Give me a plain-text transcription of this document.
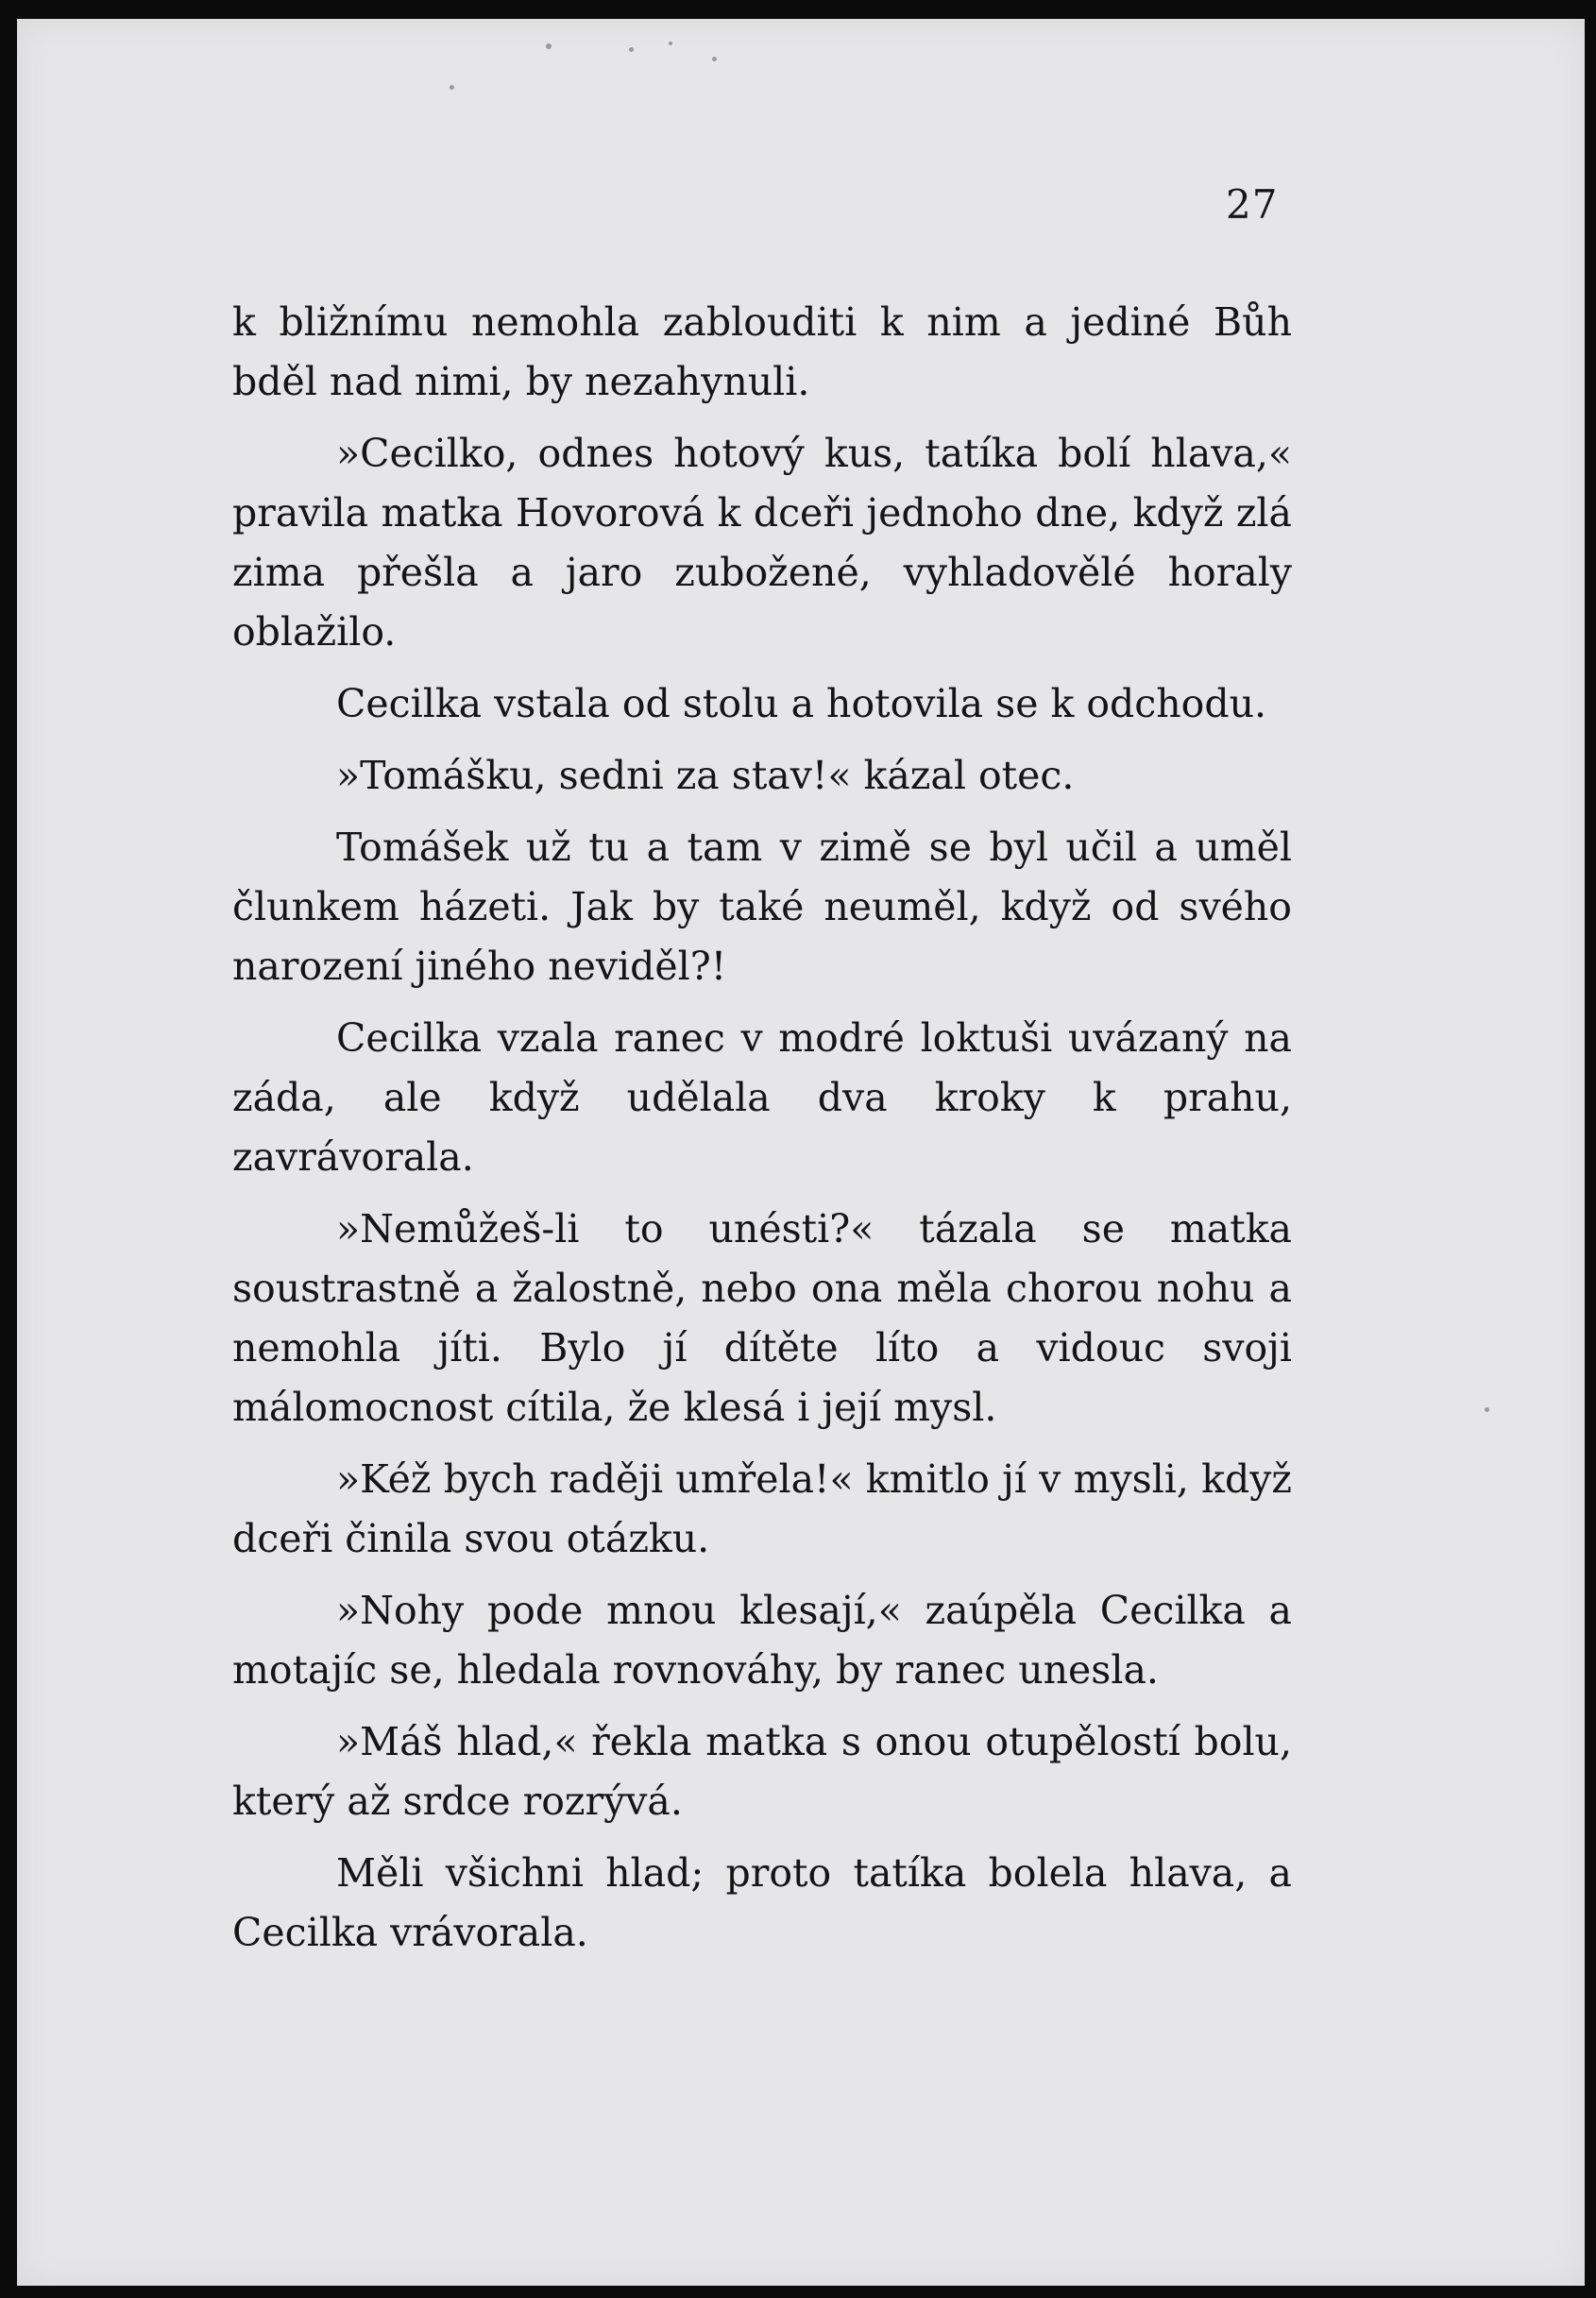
27

k bližnímu nemohla zablouditi k nim a jediné Bůh bděl nad nimi, by nezahynuli.

»Cecilko, odnes hotový kus, tatíka bolí hlava,« pravila matka Hovorová k dceři jednoho dne, když zlá zima přešla a jaro zubožené, vyhladovělé horaly oblažilo.

Cecilka vstala od stolu a hotovila se k odchodu.

»Tomášku, sedni za stav!« kázal otec.

Tomášek už tu a tam v zimě se byl učil a uměl člunkem házeti. Jak by také neuměl, když od svého narození jiného neviděl?!

Cecilka vzala ranec v modré loktuši uvázaný na záda, ale když udělala dva kroky k prahu, zavrávorala.

»Nemůžeš-li to unésti?« tázala se matka soustrastně a žalostně, nebo ona měla chorou nohu a nemohla jíti. Bylo jí dítěte líto a vidouc svoji málomocnost cítila, že klesá i její mysl.

»Kéž bych raději umřela!« kmitlo jí v mysli, když dceři činila svou otázku.

»Nohy pode mnou klesají,« zaúpěla Cecilka a motajíc se, hledala rovnováhy, by ranec unesla.

»Máš hlad,« řekla matka s onou otupělostí bolu, který až srdce rozrývá.

Měli všichni hlad; proto tatíka bolela hlava, a Cecilka vrávorala.
